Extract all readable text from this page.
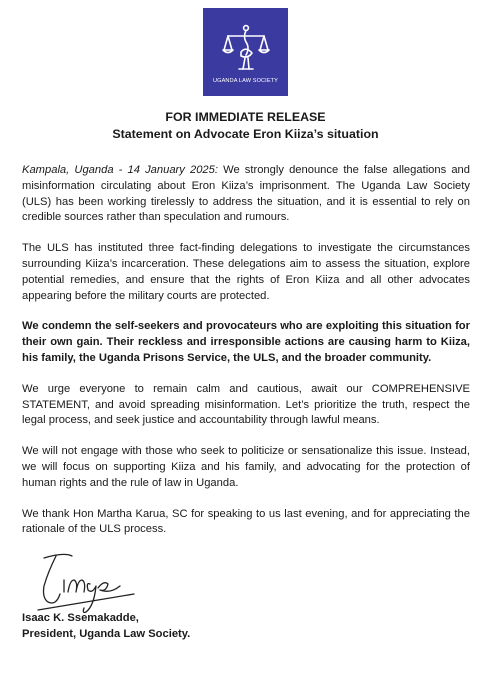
UGANDA LAW SOCIETY
FOR IMMEDIATE RELEASE
Statement on Advocate Eron Kiiza’s situation

Kampala, Uganda - 14 January 2025: We strongly denounce the false allegations and misinformation circulating about Eron Kiiza’s imprisonment. The Uganda Law Society (ULS) has been working tirelessly to address the situation, and it is essential to rely on credible sources rather than speculation and rumours.

The ULS has instituted three fact-finding delegations to investigate the circumstances surrounding Kiiza’s incarceration. These delegations aim to assess the situation, explore potential remedies, and ensure that the rights of Eron Kiiza and all other advocates appearing before the military courts are protected.

We condemn the self-seekers and provocateurs who are exploiting this situation for their own gain. Their reckless and irresponsible actions are causing harm to Kiiza, his family, the Uganda Prisons Service, the ULS, and the broader community.

We urge everyone to remain calm and cautious, await our COMPREHENSIVE STATEMENT, and avoid spreading misinformation. Let’s prioritize the truth, respect the legal process, and seek justice and accountability through lawful means.

We will not engage with those who seek to politicize or sensationalize this issue. Instead, we will focus on supporting Kiiza and his family, and advocating for the protection of human rights and the rule of law in Uganda.

We thank Hon Martha Karua, SC for speaking to us last evening, and for appreciating the rationale of the ULS process.

Isaac K. Ssemakadde,
President, Uganda Law Society.
